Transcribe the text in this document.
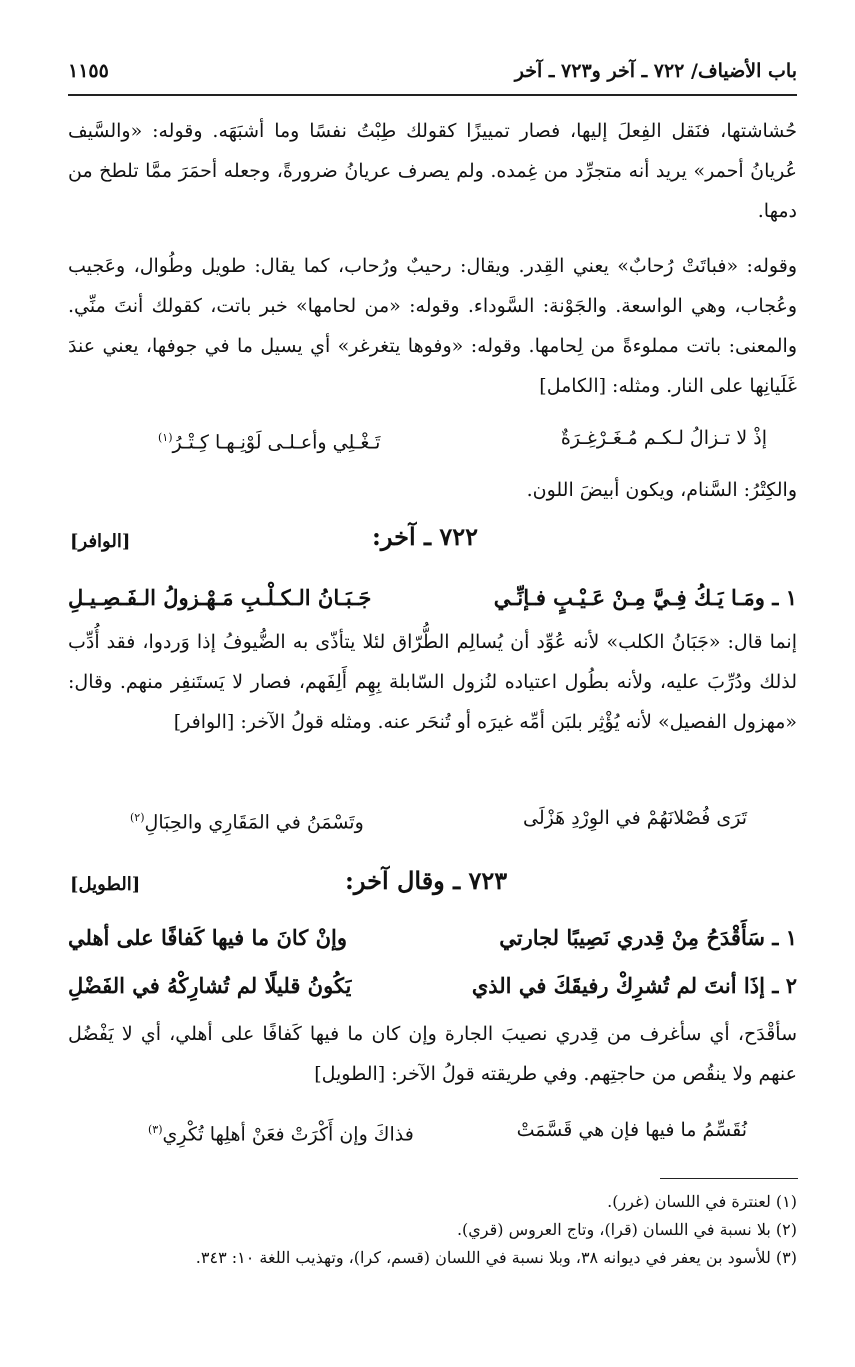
باب الأضياف/ ٧٢٢ ـ آخر و٧٢٣ ـ آخر
١١٥٥
حُشاشتها، فنَقل الفِعلَ إليها، فصار تمييزًا كقولك طِبْتُ نفسًا وما أشبَهَه. وقوله: «والسَّيف عُريانُ أحمر» يريد أنه متجرِّد من غِمده. ولم يصرف عريانُ ضرورةً، وجعله أحمَرَ ممَّا تلطخ من دمها.
وقوله: «فباتَتْ رُحابٌ» يعني القِدر. ويقال: رحيبٌ ورُحاب، كما يقال: طويل وطُوال، وعَجيب وعُجاب، وهي الواسعة. والجَوْنة: السَّوداء. وقوله: «من لحامها» خبر باتت، كقولك أنتَ منِّي. والمعنى: باتت مملوءةً من لِحامها. وقوله: «وفوها يتغرغر» أي يسيل ما في جوفها، يعني عندَ غَلَيانِها على النار. ومثله: [الكامل]
إذْ لا تـزالُ لـكـم مُـغَـرْغِـرَةٌ
تَـغْـلِي وأعـلـى لَوْنِـهـا كِـتْـرُ$^{(١)}$
والكِتْرُ: السَّنام، ويكون أبيضَ اللون.
٧٢٢ ـ آخر:
[الوافر]
١ ـ ومَـا يَـكُ فِـيَّ مِـنْ عَـيْـبٍ فـإنِّـي
جَـبَـانُ الـكـلْـبِ مَـهْـزولُ الـفَـصِـيـلِ
إنما قال: «جَبَانُ الكلب» لأنه عُوِّد أن يُسالِم الطُّرّاق لئلا يتأذّى به الضُّيوفُ إذا وَردوا، فقد أُدِّب لذلك ودُرِّبَ عليه، ولأنه بطُول اعتياده لنُزول السّابلة بِهِم أَلِفَهم، فصار لا يَستَنفِر منهم. وقال: «مهزول الفصيل» لأنه يُؤْثِر بلبَن أمِّه غيرَه أو تُنحَر عنه. ومثله قولُ الآخر: [الوافر]
تَرَى فُصْلانَهُمْ في الوِرْدِ هَزْلَى
وتَسْمَنُ في المَقَارِي والحِبَالِ$^{(٢)}$
٧٢٣ ـ وقال آخر:
[الطويل]
١ ـ سَأَقْدَحُ مِنْ قِدري نَصِيبًا لجارتي
وإنْ كانَ ما فيها كَفافًا على أهلي
٢ ـ إذَا أنتَ لم تُشرِكْ رفيقَكَ في الذي
يَكُونُ قليلًا لم تُشارِكْهُ في الفَضْلِ
سأقْدَح، أي سأغرف من قِدري نصيبَ الجارة وإن كان ما فيها كَفافًا على أهلي، أي لا يَفْضُل عنهم ولا ينقُص من حاجتِهم. وفي طريقته قولُ الآخر: [الطويل]
نُقَسِّمُ ما فيها فإن هي قَسَّمَتْ
فذاكَ وإن أَكْرَتْ فعَنْ أهلِها تُكْرِي$^{(٣)}$
(١) لعنترة في اللسان (غرر).
(٢) بلا نسبة في اللسان (قرا)، وتاج العروس (قري).
(٣) للأسود بن يعفر في ديوانه ٣٨، وبلا نسبة في اللسان (قسم، كرا)، وتهذيب اللغة ١٠: ٣٤٣.
